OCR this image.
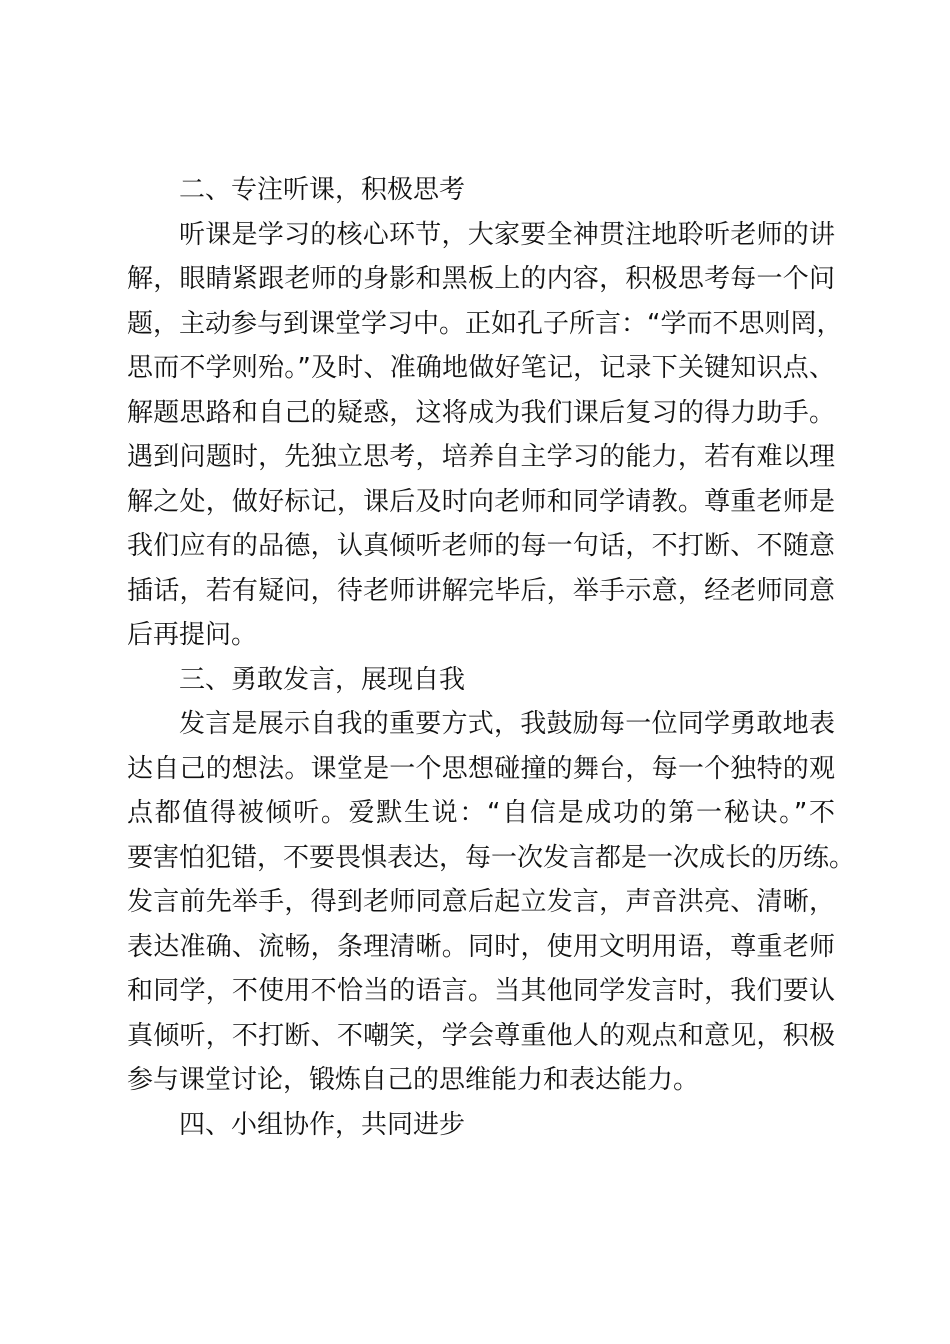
二、专注听课，积极思考
听课是学习的核心环节，大家要全神贯注地聆听老师的讲
解，眼睛紧跟老师的身影和黑板上的内容，积极思考每一个问
题，主动参与到课堂学习中。正如孔子所言：“学而不思则罔，
思而不学则殆。”及时、准确地做好笔记，记录下关键知识点、
解题思路和自己的疑惑，这将成为我们课后复习的得力助手。
遇到问题时，先独立思考，培养自主学习的能力，若有难以理
解之处，做好标记，课后及时向老师和同学请教。尊重老师是
我们应有的品德，认真倾听老师的每一句话，不打断、不随意
插话，若有疑问，待老师讲解完毕后，举手示意，经老师同意
后再提问。
三、勇敢发言，展现自我
发言是展示自我的重要方式，我鼓励每一位同学勇敢地表
达自己的想法。课堂是一个思想碰撞的舞台，每一个独特的观
点都值得被倾听。爱默生说：“自信是成功的第一秘诀。”不
要害怕犯错，不要畏惧表达，每一次发言都是一次成长的历练。
发言前先举手，得到老师同意后起立发言，声音洪亮、清晰，
表达准确、流畅，条理清晰。同时，使用文明用语，尊重老师
和同学，不使用不恰当的语言。当其他同学发言时，我们要认
真倾听，不打断、不嘲笑，学会尊重他人的观点和意见，积极
参与课堂讨论，锻炼自己的思维能力和表达能力。
四、小组协作，共同进步
